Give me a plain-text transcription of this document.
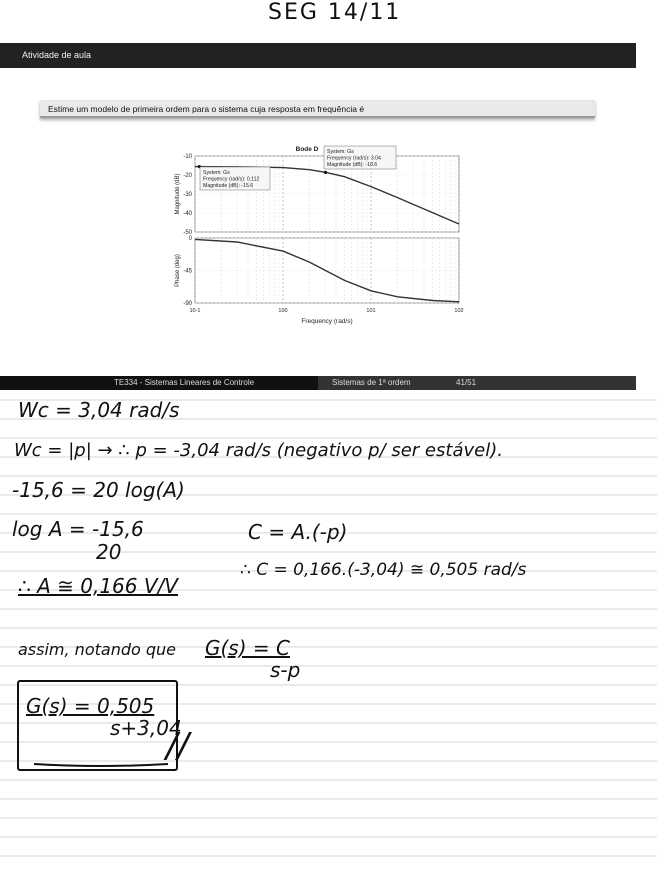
SEG 14/11
Atividade de aula
Estime um modelo de primeira ordem para o sistema cuja resposta em frequência é
-10
-20
-30
-40
-50
Magnitude (dB)
0
-45
-90
Phase (deg)
10-1	100	101	102
Frequency (rad/s)
Bode D
System: Gs
Frequency (rad/s): 0.112
Magnitude (dB): -15.6
System: Gs
Frequency (rad/s): 3.04
Magnitude (dB): -18.6
TE334 - Sistemas Lineares de Controle	Sistemas de 1ª ordem	41/51
Wc = 3,04 rad/s
Wc = |p| → ∴ p = -3,04 rad/s (negativo p/ ser estável).
-15,6 = 20 log(A)
log A = -15,6
20
C = A.(-p)
∴ A ≅ 0,166 V/V
∴ C = 0,166.(-3,04) ≅ 0,505 rad/s
assim, notando que G(s) = C
s-p
G(s) = 0,505
s+3,04
//
